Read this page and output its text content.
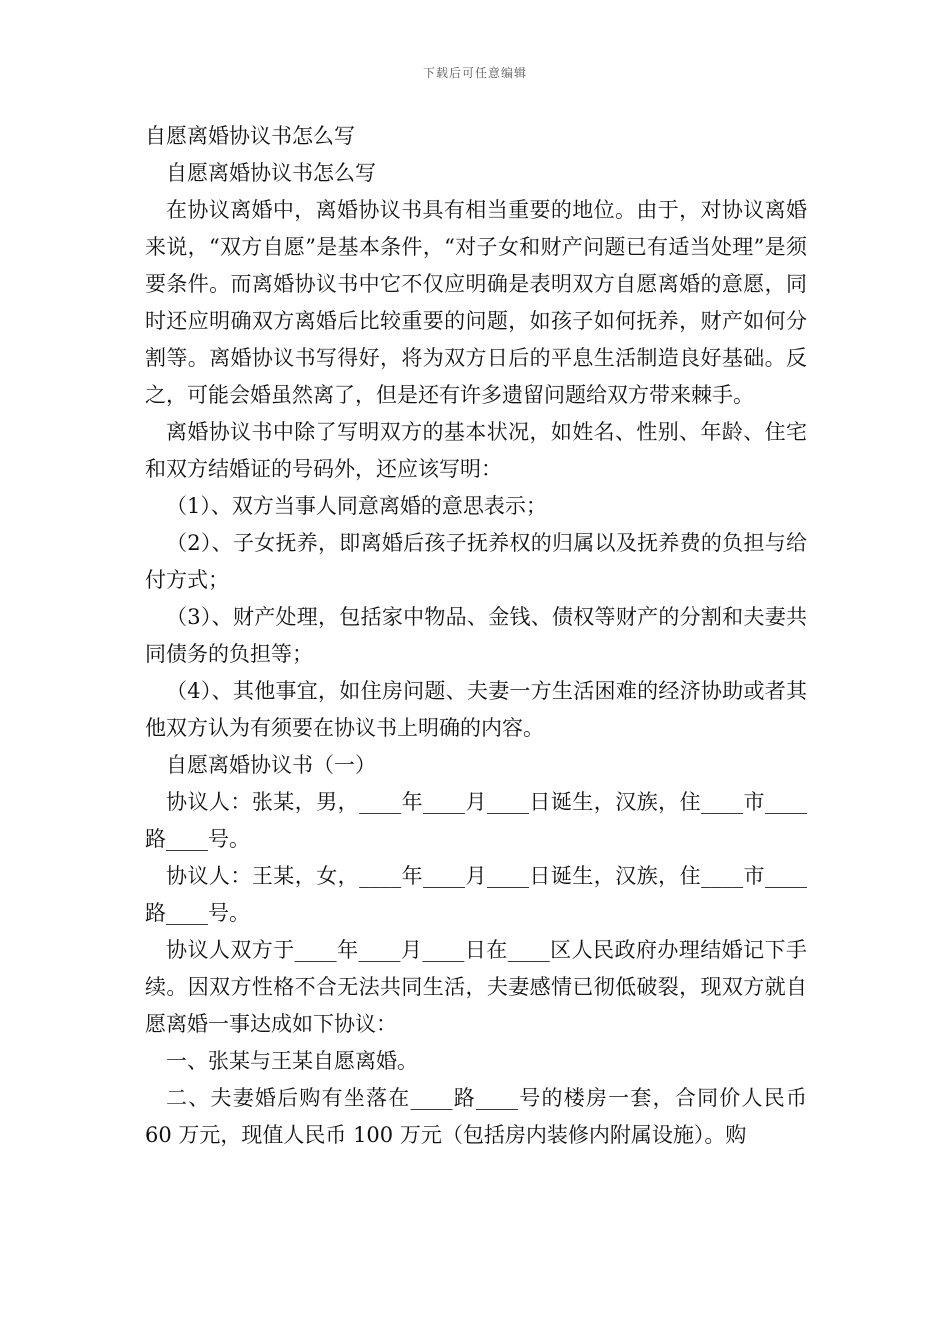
下载后可任意编辑

自愿离婚协议书怎么写

自愿离婚协议书怎么写

在协议离婚中，离婚协议书具有相当重要的地位。由于，对协议离婚来说，“双方自愿”是基本条件，“对子女和财产问题已有适当处理”是须要条件。而离婚协议书中它不仅应明确是表明双方自愿离婚的意愿，同时还应明确双方离婚后比较重要的问题，如孩子如何抚养，财产如何分割等。离婚协议书写得好，将为双方日后的平息生活制造良好基础。反之，可能会婚虽然离了，但是还有许多遗留问题给双方带来棘手。

离婚协议书中除了写明双方的基本状况，如姓名、性别、年龄、住宅和双方结婚证的号码外，还应该写明：

（1）、双方当事人同意离婚的意思表示；

（2）、子女抚养，即离婚后孩子抚养权的归属以及抚养费的负担与给付方式；

（3）、财产处理，包括家中物品、金钱、债权等财产的分割和夫妻共同债务的负担等；

（4）、其他事宜，如住房问题、夫妻一方生活困难的经济协助或者其他双方认为有须要在协议书上明确的内容。

自愿离婚协议书（一）

协议人：张某，男，____年____月____日诞生，汉族，住____市____路____号。

协议人：王某，女，____年____月____日诞生，汉族，住____市____路____号。

协议人双方于____年____月____日在____区人民政府办理结婚记下手续。因双方性格不合无法共同生活，夫妻感情已彻低破裂，现双方就自愿离婚一事达成如下协议：

一、张某与王某自愿离婚。

二、夫妻婚后购有坐落在____路____号的楼房一套，合同价人民币 60 万元，现值人民币 100 万元（包括房内装修内附属设施）。购
